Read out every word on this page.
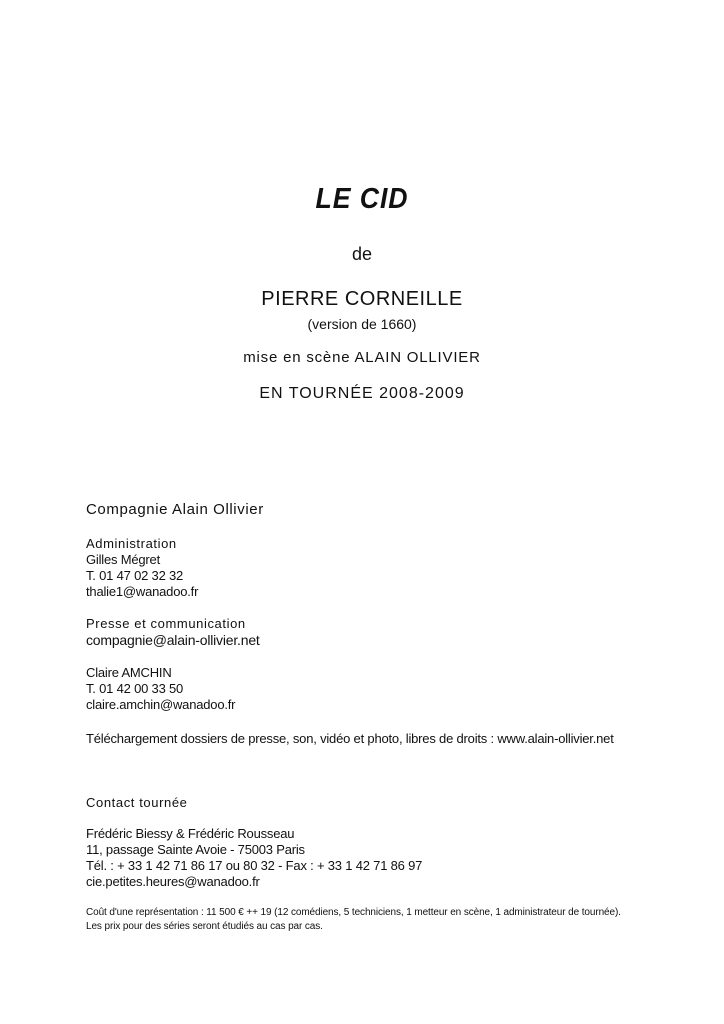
LE CID
de
PIERRE CORNEILLE
(version de 1660)
mise en scène ALAIN OLLIVIER
EN TOURNÉE 2008-2009
Compagnie Alain Ollivier
Administration
Gilles Mégret
T. 01 47 02 32 32
thalie1@wanadoo.fr
Presse et communication
compagnie@alain-ollivier.net
Claire AMCHIN
T. 01 42 00 33 50
claire.amchin@wanadoo.fr
Téléchargement dossiers de presse, son, vidéo et photo, libres de droits : www.alain-ollivier.net
Contact tournée
Frédéric Biessy & Frédéric Rousseau
11, passage Sainte Avoie - 75003 Paris
Tél. : + 33 1 42 71 86 17 ou 80 32 - Fax : + 33 1 42 71 86 97
cie.petites.heures@wanadoo.fr
Coût d'une représentation : 11 500 € ++ 19 (12 comédiens, 5 techniciens, 1 metteur en scène, 1 administrateur de tournée). Les prix pour des séries seront étudiés au cas par cas.
